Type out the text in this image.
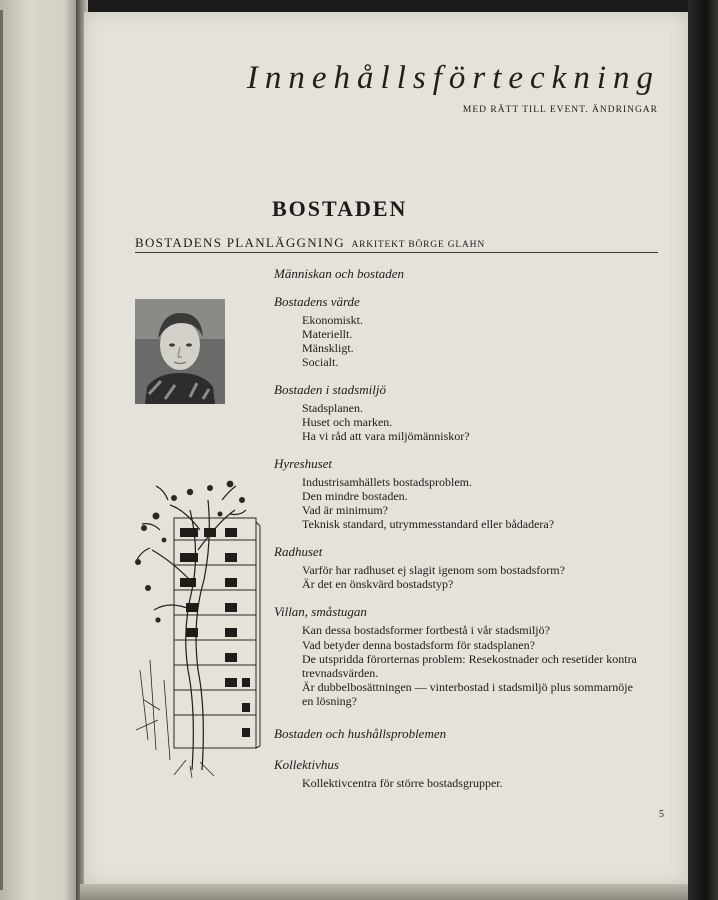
Innehållsförteckning
MED RÄTT TILL EVENT. ÄNDRINGAR
BOSTADEN
BOSTADENS PLANLÄGGNING ARKITEKT BÖRGE GLAHN
Människan och bostaden
Bostadens värde
Ekonomiskt.
Materiellt.
Mänskligt.
Socialt.
Bostaden i stadsmiljö
Stadsplanen.
Huset och marken.
Ha vi råd att vara miljömänniskor?
Hyreshuset
Industrisamhällets bostadsproblem.
Den mindre bostaden.
Vad är minimum?
Teknisk standard, utrymmesstandard eller bådadera?
Radhuset
Varför har radhuset ej slagit igenom som bostadsform?
Är det en önskvärd bostadstyp?
Villan, småstugan
Kan dessa bostadsformer fortbestå i vår stadsmiljö?
Vad betyder denna bostadsform för stadsplanen?
De utspridda förorternas problem: Resekostnader och resetider kontra
trevnadsvärden.
Är dubbelbosättningen — vinterbostad i stadsmiljö plus sommarnöje
en lösning?
Bostaden och hushållsproblemen
Kollektivhus
Kollektivcentra för större bostadsgrupper.
5
